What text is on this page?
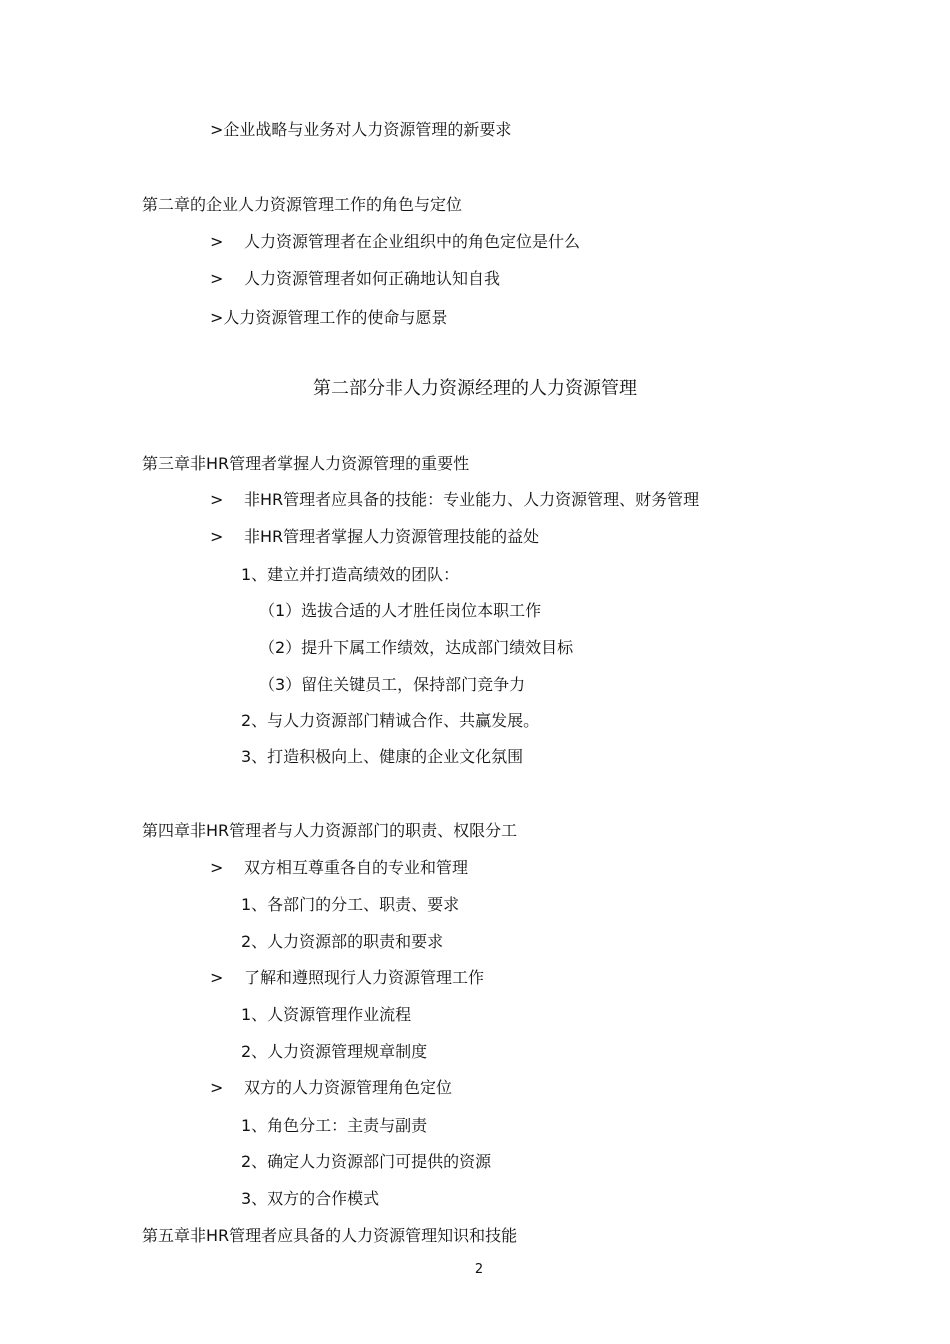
>企业战略与业务对人力资源管理的新要求
第二章的企业人力资源管理工作的角色与定位
> 人力资源管理者在企业组织中的角色定位是什么
> 人力资源管理者如何正确地认知自我
>人力资源管理工作的使命与愿景
第二部分非人力资源经理的人力资源管理
第三章非HR管理者掌握人力资源管理的重要性
> 非HR管理者应具备的技能：专业能力、人力资源管理、财务管理
> 非HR管理者掌握人力资源管理技能的益处
1、建立并打造高绩效的团队：
（1）选拔合适的人才胜任岗位本职工作
（2）提升下属工作绩效，达成部门绩效目标
（3）留住关键员工，保持部门竞争力
2、与人力资源部门精诚合作、共赢发展。
3、打造积极向上、健康的企业文化氛围
第四章非HR管理者与人力资源部门的职责、权限分工
> 双方相互尊重各自的专业和管理
1、各部门的分工、职责、要求
2、人力资源部的职责和要求
> 了解和遵照现行人力资源管理工作
1、人资源管理作业流程
2、人力资源管理规章制度
> 双方的人力资源管理角色定位
1、角色分工：主责与副责
2、确定人力资源部门可提供的资源
3、双方的合作模式
第五章非HR管理者应具备的人力资源管理知识和技能
2
